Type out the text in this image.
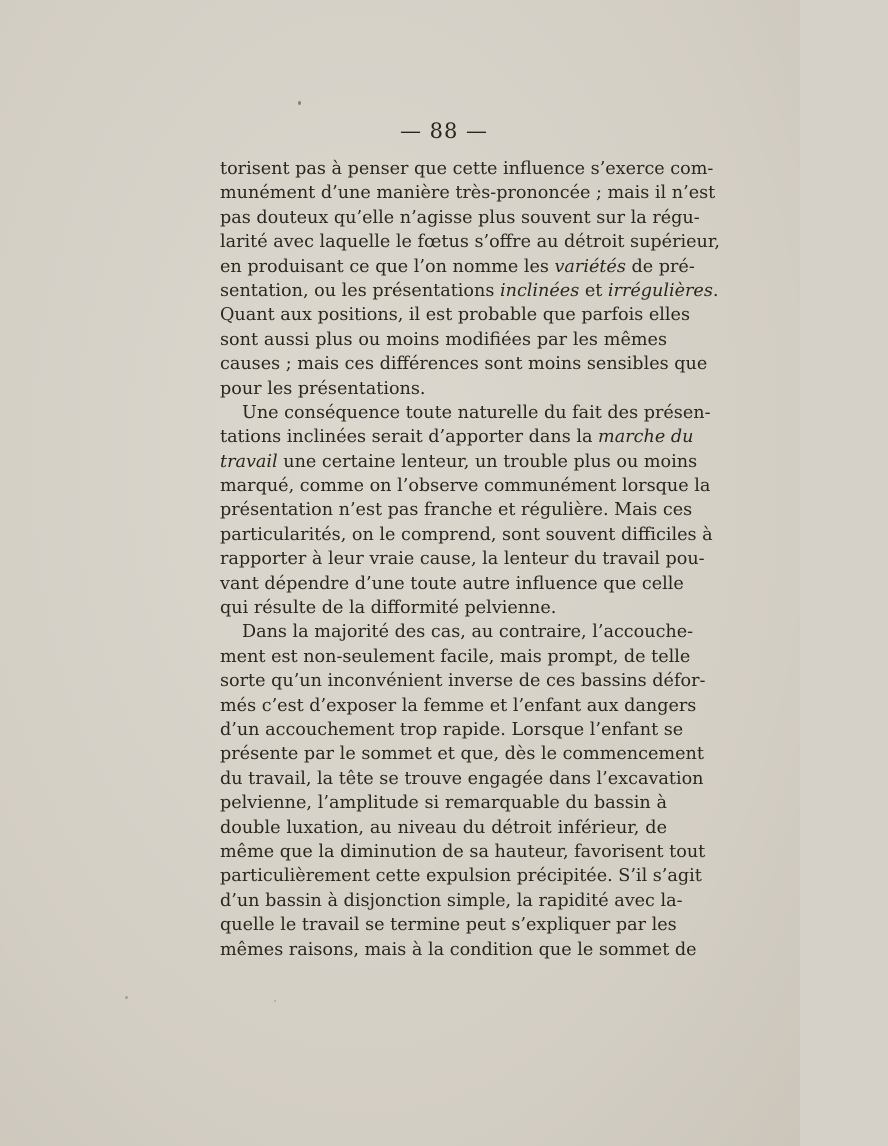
— 88 —
torisent pas à penser que cette influence s’exerce com-
munément d’une manière très-prononcée ; mais il n’est
pas douteux qu’elle n’agisse plus souvent sur la régu-
larité avec laquelle le fœtus s’offre au détroit supérieur,
en produisant ce que l’on nomme les variétés de pré-
sentation, ou les présentations inclinées et irrégulières.
Quant aux positions, il est probable que parfois elles
sont aussi plus ou moins modifiées par les mêmes
causes ; mais ces différences sont moins sensibles que
pour les présentations.
Une conséquence toute naturelle du fait des présen-
tations inclinées serait d’apporter dans la marche du
travail une certaine lenteur, un trouble plus ou moins
marqué, comme on l’observe communément lorsque la
présentation n’est pas franche et régulière. Mais ces
particularités, on le comprend, sont souvent difficiles à
rapporter à leur vraie cause, la lenteur du travail pou-
vant dépendre d’une toute autre influence que celle
qui résulte de la difformité pelvienne.
Dans la majorité des cas, au contraire, l’accouche-
ment est non-seulement facile, mais prompt, de telle
sorte qu’un inconvénient inverse de ces bassins défor-
més c’est d’exposer la femme et l’enfant aux dangers
d’un accouchement trop rapide. Lorsque l’enfant se
présente par le sommet et que, dès le commencement
du travail, la tête se trouve engagée dans l’excavation
pelvienne, l’amplitude si remarquable du bassin à
double luxation, au niveau du détroit inférieur, de
même que la diminution de sa hauteur, favorisent tout
particulièrement cette expulsion précipitée. S’il s’agit
d’un bassin à disjonction simple, la rapidité avec la-
quelle le travail se termine peut s’expliquer par les
mêmes raisons, mais à la condition que le sommet de
